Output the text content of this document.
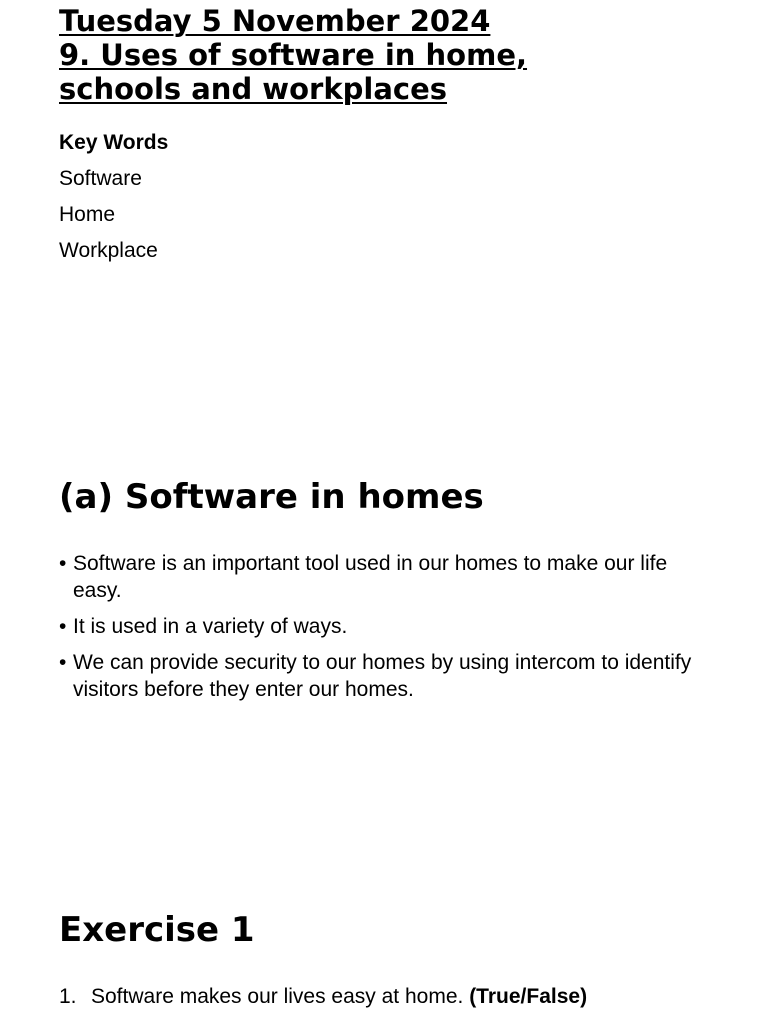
Tuesday 5 November 2024
9. Uses of software in home,
schools and workplaces
Key Words
Software
Home
Workplace
(a) Software in homes
• Software is an important tool used in our homes to make our life easy.
• It is used in a variety of ways.
• We can provide security to our homes by using intercom to identify visitors before they enter our homes.
Exercise 1
1. Software makes our lives easy at home. (True/False)
